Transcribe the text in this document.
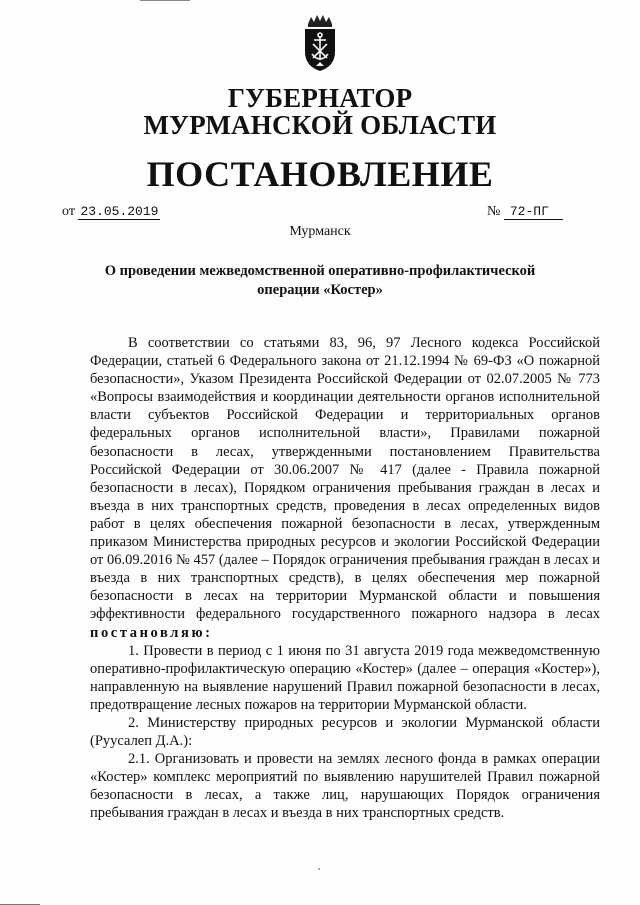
ГУБЕРНАТОР
МУРМАНСКОЙ ОБЛАСТИ
ПОСТАНОВЛЕНИЕ
от 23.05.2019	№ 72-ПГ
Мурманск
О проведении межведомственной оперативно-профилактической операции «Костер»

В соответствии со статьями 83, 96, 97 Лесного кодекса Российской Федерации, статьей 6 Федерального закона от 21.12.1994 № 69-ФЗ «О пожарной безопасности», Указом Президента Российской Федерации от 02.07.2005 № 773 «Вопросы взаимодействия и координации деятельности органов исполнительной власти субъектов Российской Федерации и территориальных органов федеральных органов исполнительной власти», Правилами пожарной безопасности в лесах, утвержденными постановлением Правительства Российской Федерации от 30.06.2007 № 417 (далее - Правила пожарной безопасности в лесах), Порядком ограничения пребывания граждан в лесах и въезда в них транспортных средств, проведения в лесах определенных видов работ в целях обеспечения пожарной безопасности в лесах, утвержденным приказом Министерства природных ресурсов и экологии Российской Федерации от 06.09.2016 № 457 (далее – Порядок ограничения пребывания граждан в лесах и въезда в них транспортных средств), в целях обеспечения мер пожарной безопасности в лесах на территории Мурманской области и повышения эффективности федерального государственного пожарного надзора в лесах постановляю:

1. Провести в период с 1 июня по 31 августа 2019 года межведомственную оперативно-профилактическую операцию «Костер» (далее – операция «Костер»), направленную на выявление нарушений Правил пожарной безопасности в лесах, предотвращение лесных пожаров на территории Мурманской области.

2. Министерству природных ресурсов и экологии Мурманской области (Руусалеп Д.А.):

2.1. Организовать и провести на землях лесного фонда в рамках операции «Костер» комплекс мероприятий по выявлению нарушителей Правил пожарной безопасности в лесах, а также лиц, нарушающих Порядок ограничения пребывания граждан в лесах и въезда в них транспортных средств.
